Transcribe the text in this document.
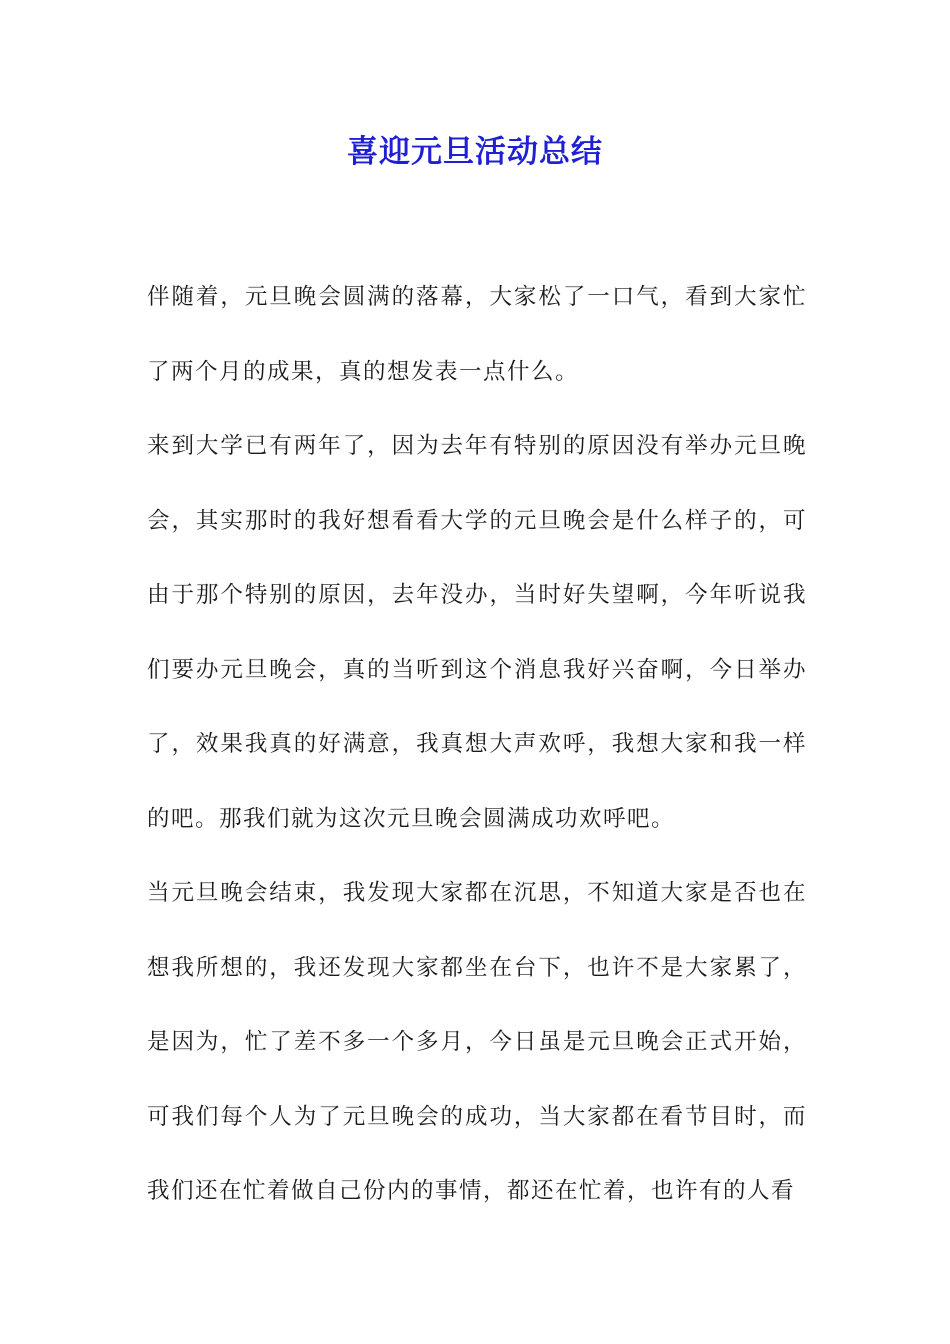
喜迎元旦活动总结

伴随着，元旦晚会圆满的落幕，大家松了一口气，看到大家忙了两个月的成果，真的想发表一点什么。

来到大学已有两年了，因为去年有特别的原因没有举办元旦晚会，其实那时的我好想看看大学的元旦晚会是什么样子的，可由于那个特别的原因，去年没办，当时好失望啊，今年听说我们要办元旦晚会，真的当听到这个消息我好兴奋啊，今日举办了，效果我真的好满意，我真想大声欢呼，我想大家和我一样的吧。那我们就为这次元旦晚会圆满成功欢呼吧。

当元旦晚会结束，我发现大家都在沉思，不知道大家是否也在想我所想的，我还发现大家都坐在台下，也许不是大家累了，是因为，忙了差不多一个多月，今日虽是元旦晚会正式开始，可我们每个人为了元旦晚会的成功，当大家都在看节目时，而我们还在忙着做自己份内的事情，都还在忙着，也许有的人看
